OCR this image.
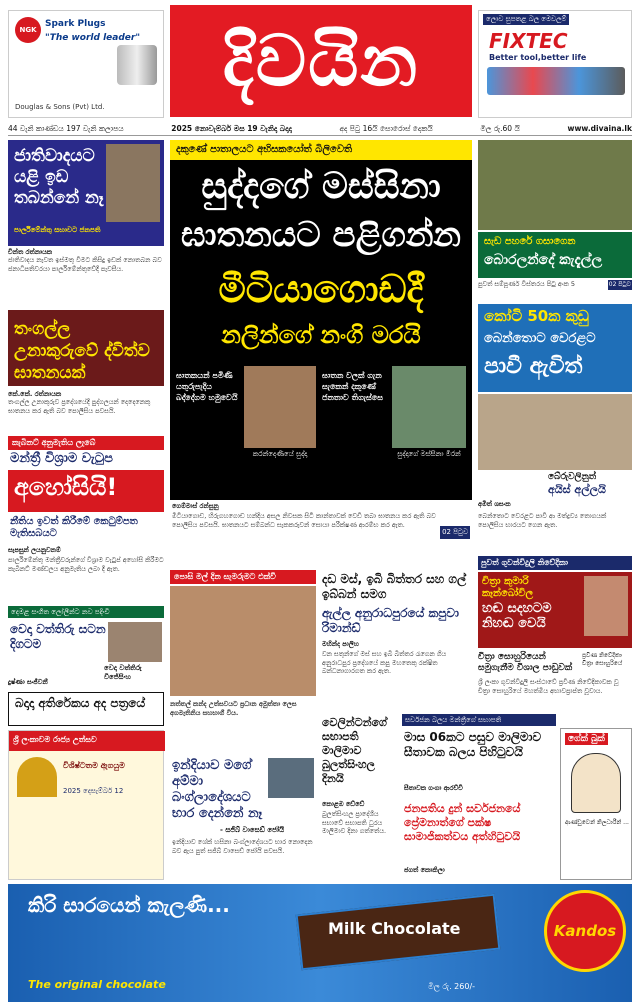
NGK
Spark Plugs
"The world leader"
Douglas & Sons (Pvt) Ltd.
දිවයින	ලොව සුපතළ බල මෙවලම්
FIXTEC
Better tool,better life
44 වැනි කාණ්ඩය 197 වැනි කලාපය	2025 නොවැම්බර් මස 19 වැනිදා බදාදා	අද පිටු 16යි සොරොස් දෙකයි	මිල රු.60 යි	www.divaina.lk
ජාතිවාදයට යළි ඉඩ තබන්නේ නෑ
පාර්ලිමේන්තු සභාවට ජනපති
චින්ත රත්නායක
ජාතිවාදය නැවත ඉස්මතු වීමට කිසිදු ඉඩක් නොතබන බව ජනාධිපතිවරයා පාර්ලිමේන්තුවේදී පැවසීය.
තංගල්ල උනාකුරුවේ ද්විත්ව ඝාතනයක්
කේ.කේ. රත්නායක
තංගල්ල උනාකුරුව ප්‍රදේශයේදී පුද්ගලයන් දෙදෙනෙකු ඝාතනය කර ඇති බව පොලීසිය පවසයි.
කැබිනට් අනුමැතිය ලැබේ
මන්ත්‍රී විශ්‍රාම වැටුප
අහෝසියි!
නීතිය ඉවත් කිරීමේ කෙටුම්පත මැතිසබයට
සැපසුන් ලයනුවනම්
පාර්ලිමේන්තු මන්ත්‍රීවරුන්ගේ විශ්‍රාම වැටුප් අහෝසි කිරීමට කැබිනට් මණ්ඩලය අනුමැතිය ලබා දී ඇත.
දෙමළ සංගීත ලෝලීන්ට නව පදිංචි
වෙදා වත්තිරු සටන දිගටම
වෙදා වත්තිරු විජේසිංහ
දුෂ්ණා සංජීවනී
බදාදා අතිරේකය අද පත්‍රයේ
ශ්‍රී ලංකාවම රාජ්‍ය උත්සව
විශිෂ්ටතම ඇගයුම
2025 දෙසැම්බර් 12
දකුණේ පාතාලයට අභිසකයෝත් බිලිවෙති
සුද්දගේ මස්සිනා
ඝාතනයට පළිගන්න
මීටියාගොඩදී
නලින්ගේ නංගි මරයි
ඝාතකයන් පමිණි යතුරුපැදිය බද්දේගම හමුවෙයි
ඝාතන වලක් ගැන සැකෙන් දකුණේ ජනතාව තිගැස්සෙ
කරන්දෙණියේ සුද්දා	සුද්දාගේ මස්සිනා මීරන්
ගෙම්මාස් රන්සුනු
මීටියාගොඩ, හිරුගහගොඩ හන්දිය අසල නිවසක සිටි කාන්තාවක් වෙඩි තබා ඝාතනය කර ඇති බව පොලීසිය පවසයි. ඝාතනයට සම්බන්ධ සැකකරුවන් සොයා පරීක්ෂණ ආරම්භ කර ඇත.
02 පිටුව
සැඩ පහරේ ගසාගෙන
බොරලන්දේ කැදැල්ල
පුවත් සම්පූර්ණ විස්තරය පිටු අංක 5	02 පිටුව
කෝටි 50ක කුඩු
බෙන්තොට වෙරළට
පාවී ඇවිත්
බේරුවලිනුත්
අයිස් අල්ලයි
අමිත් ශසංක
බෙන්තොට වෙරළට පාවී ආ මත්ද්‍රව්‍ය තොගයක් පොලිසිය භාරයට ගෙන ඇත.
පුවත් ගුවන්විදුලි නිවේදිකා
චිත්‍රා කුමාරි කෑන්බෝවිල
හඬ සදහටම නිහඬ වෙයි
චිත්‍රා සොහුරියෙන් සමුගැනීම විශාල පාඩුවක්
ප්‍රවීණ නිවේදිකා චිත්‍රා සොහුරියේ
ශ්‍රී ලංකා ගුවන්විදුලි සංස්ථාවේ ප්‍රවීණ නිවේදිකාවක වූ චිත්‍රා සොහුරියේ මහත්මිය අභාවප්‍රාප්ත වූවාය.
ගේක් බුක්
ආණ්ඩුවෙන් නිලධාරීන් ...
පොසි මල් දින සැමරුමට එක්වී
නත්තල් කන්ද උත්සවයට ප්‍රධාන අමුත්තා ලෙස අගමැතිනිය සහභාගී විය.
ඉන්දියාව මගේ අම්මා බංග්ලාදේශයට භාර දෙන්නේ නෑ
- සජිබ් වාසෙඩ් ජෝයි
ඉන්දියාව ශේක් හසිනා බංග්ලාදේශයට භාර නොදෙන බව ඇය පුත් සජිබ් වාසෙඩ් ජෝයි පවසයි.
දඩ මස්, ඉබි බිත්තර සහ ගල් ඉබ්බන් සමග
ඇල්ල අනුරාධපුරයේ කපුවා රිමාන්ඩ්
මහින්ද පාලිහ
වන සතුන්ගේ මස් සහ ඉබි බිත්තර රැගෙන ගිය අනුරාධපුර ප්‍රදේශයේ කපු මහතෙකු රක්ෂිත බන්ධනාගාරගත කර ඇත.
වෙලින්ටන්ගේ සභාපති මාලිමාව බුලත්සිංහල දිනයි
කොළඹ ඩේඩේ
බුලත්සිංහල ප්‍රාදේශීය සභාවේ සභාපති ධුරය මාලිමාව දිනා ගත්තේය.
සර්වජන බලය මන්ත්‍රීගේ සභාපති
මාස 06කට පසුව මාලිමාව සීතාවක බලය පිහිටුවයි
සීතාවක ගංගා ආරච්චි
ජනපතිය දුන් සර්වජනයේ ප්‍රේමනාත්ගේ පක්ෂ සාමාජිකත්වය අත්හිටුවයි
ජගත් කොකිලා
කිරි සාරයෙන් කැලණි...
Milk Chocolate	Kandos
The original chocolate	මිල රු. 260/-
